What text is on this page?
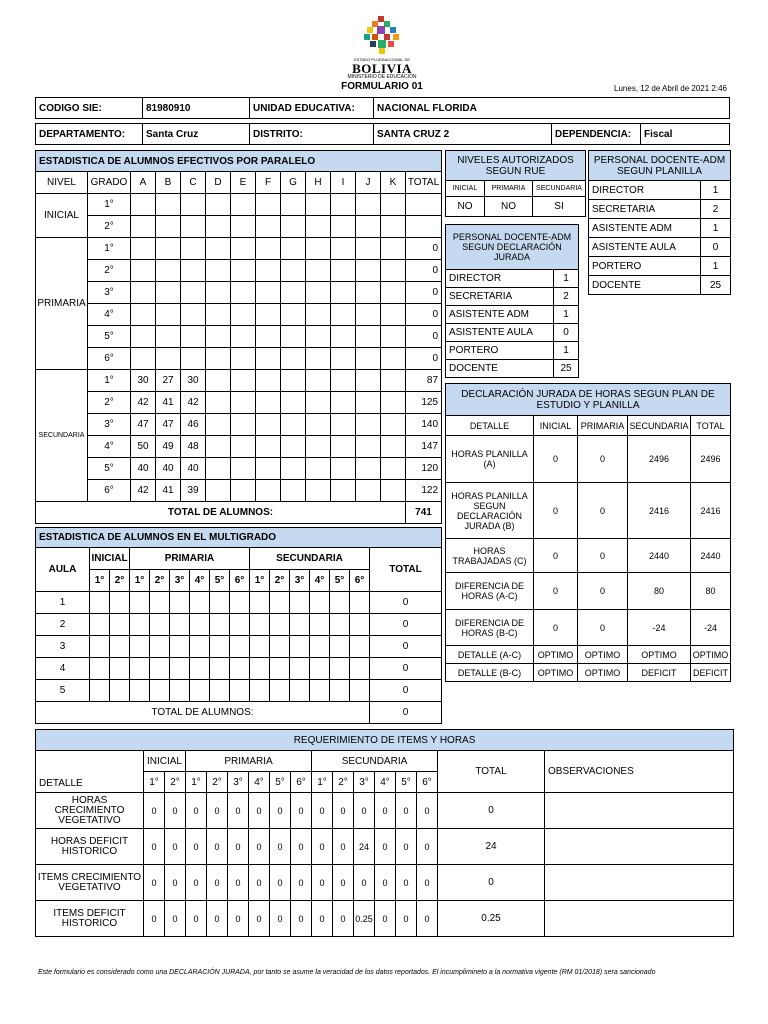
ESTADO PLURINACIONAL DE
BOLIVIA
MINISTERIO DE EDUCACIÓN
FORMULARIO 01	Lunes, 12 de Abril de 2021 2:46
CODIGO SIE:	81980910	UNIDAD EDUCATIVA:	NACIONAL FLORIDA
DEPARTAMENTO:	Santa Cruz	DISTRITO:	SANTA CRUZ 2	DEPENDENCIA:	Fiscal
ESTADISTICA DE ALUMNOS EFECTIVOS POR PARALELO													
NIVEL	GRADO	A	B	C	D	E	F	G	H	I	J	K	TOTAL
INICIAL	1°												
	2°												
PRIMARIA	1°												0
	2°												0
	3°												0
	4°												0
	5°												0
	6°												0
SECUNDARIA	1°	30	27	30									87
	2°	42	41	42									125
	3°	47	47	46									140
	4°	50	49	48									147
	5°	40	40	40									120
	6°	42	41	39									122
TOTAL DE ALUMNOS:													741
NIVELES AUTORIZADOS SEGUN RUE		
INICIAL	PRIMARIA	SECUNDARIA
NO	NO	SI
PERSONAL DOCENTE-ADM SEGUN PLANILLA	
DIRECTOR	1
SECRETARIA	2
ASISTENTE ADM	1
ASISTENTE AULA	0
PORTERO	1
DOCENTE	25
PERSONAL DOCENTE-ADM SEGUN DECLARACIÓN JURADA	
DIRECTOR	1
SECRETARIA	2
ASISTENTE ADM	1
ASISTENTE AULA	0
PORTERO	1
DOCENTE	25
DECLARACIÓN JURADA DE HORAS SEGUN PLAN DE ESTUDIO Y PLANILLA				
DETALLE	INICIAL	PRIMARIA	SECUNDARIA	TOTAL
HORAS PLANILLA (A)	0	0	2496	2496
HORAS PLANILLA SEGUN DECLARACIÓN JURADA (B)	0	0	2416	2416
HORAS TRABAJADAS (C)	0	0	2440	2440
DIFERENCIA DE HORAS (A-C)	0	0	80	80
DIFERENCIA DE HORAS (B-C)	0	0	-24	-24
DETALLE (A-C)	OPTIMO	OPTIMO	OPTIMO	OPTIMO
DETALLE (B-C)	OPTIMO	OPTIMO	DEFICIT	DEFICIT
ESTADISTICA DE ALUMNOS EN EL MULTIGRADO															
AULA	INICIAL		PRIMARIA						SECUNDARIA						TOTAL
	1°	2°	1°	2°	3°	4°	5°	6°	1°	2°	3°	4°	5°	6°	
1															0
2															0
3															0
4															0
5															0
TOTAL DE ALUMNOS:															0
REQUERIMIENTO DE ITEMS Y HORAS																
DETALLE	INICIAL		PRIMARIA						SECUNDARIA						TOTAL	OBSERVACIONES
	1°	2°	1°	2°	3°	4°	5°	6°	1°	2°	3°	4°	5°	6°		
HORAS CRECIMIENTO VEGETATIVO	0	0	0	0	0	0	0	0	0	0	0	0	0	0	0	
HORAS DEFICIT HISTORICO	0	0	0	0	0	0	0	0	0	0	24	0	0	0	24	
ITEMS CRECIMIENTO VEGETATIVO	0	0	0	0	0	0	0	0	0	0	0	0	0	0	0	
ITEMS DEFICIT HISTORICO	0	0	0	0	0	0	0	0	0	0	0.25	0	0	0	0.25	
Este formulario es considerado como una DECLARACIÓN JURADA, por tanto se asume la veracidad de los datos reportados. El incumplimineto a la normativa vigente (RM 01/2018) sera sancionado
